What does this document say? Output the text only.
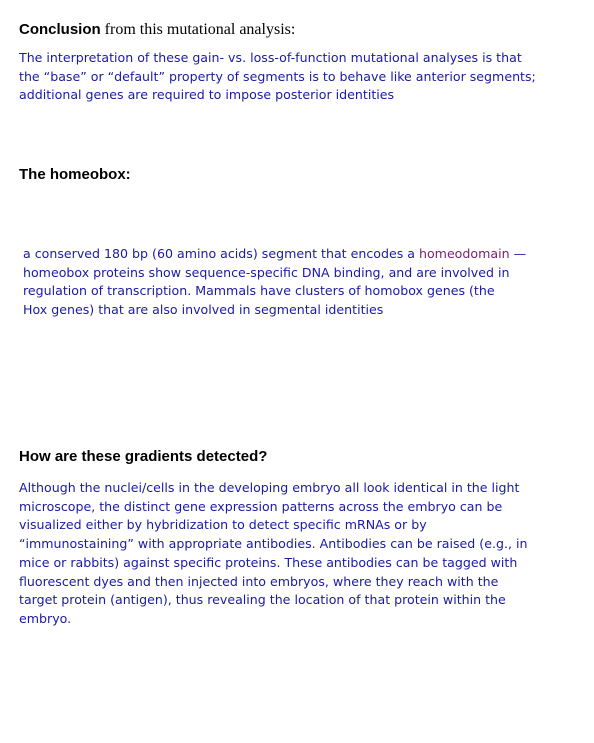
Conclusion from this mutational analysis:

The interpretation of these gain- vs. loss-of-function mutational analyses is that
the “base” or “default” property of segments is to behave like anterior segments;
additional genes are required to impose posterior identities

The homeobox:

a conserved 180 bp (60 amino acids) segment that encodes a homeodomain —
homeobox proteins show sequence-specific DNA binding, and are involved in
regulation of transcription. Mammals have clusters of homobox genes (the
Hox genes) that are also involved in segmental identities

How are these gradients detected?

Although the nuclei/cells in the developing embryo all look identical in the light
microscope, the distinct gene expression patterns across the embryo can be
visualized either by hybridization to detect specific mRNAs or by
“immunostaining” with appropriate antibodies. Antibodies can be raised (e.g., in
mice or rabbits) against specific proteins. These antibodies can be tagged with
fluorescent dyes and then injected into embryos, where they reach with the
target protein (antigen), thus revealing the location of that protein within the
embryo.
